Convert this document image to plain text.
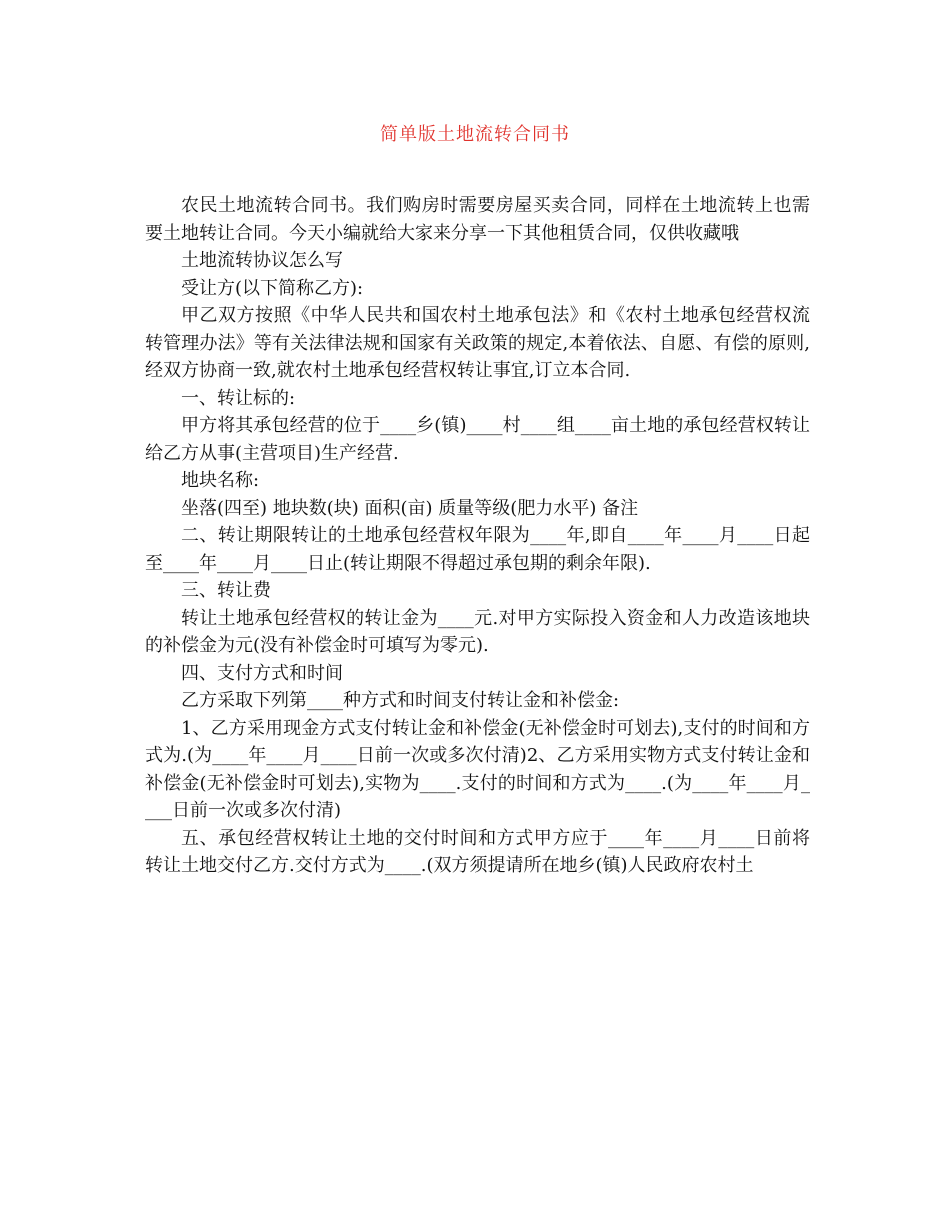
简单版土地流转合同书

农民土地流转合同书。我们购房时需要房屋买卖合同，同样在土地流转上也需要土地转让合同。今天小编就给大家来分享一下其他租赁合同，仅供收藏哦

土地流转协议怎么写

受让方(以下简称乙方):

甲乙双方按照《中华人民共和国农村土地承包法》和《农村土地承包经营权流转管理办法》等有关法律法规和国家有关政策的规定,本着依法、自愿、有偿的原则,经双方协商一致,就农村土地承包经营权转让事宜,订立本合同.

一、转让标的:

甲方将其承包经营的位于____乡(镇)____村____组____亩土地的承包经营权转让给乙方从事(主营项目)生产经营.

地块名称:

坐落(四至) 地块数(块) 面积(亩) 质量等级(肥力水平) 备注

二、转让期限转让的土地承包经营权年限为____年,即自____年____月____日起至____年____月____日止(转让期限不得超过承包期的剩余年限).

三、转让费

转让土地承包经营权的转让金为____元.对甲方实际投入资金和人力改造该地块的补偿金为元(没有补偿金时可填写为零元).

四、支付方式和时间

乙方采取下列第____种方式和时间支付转让金和补偿金:

1、乙方采用现金方式支付转让金和补偿金(无补偿金时可划去),支付的时间和方式为.(为____年____月____日前一次或多次付清)2、乙方采用实物方式支付转让金和补偿金(无补偿金时可划去),实物为____.支付的时间和方式为____.(为____年____月____日前一次或多次付清)

五、承包经营权转让土地的交付时间和方式甲方应于____年____月____日前将转让土地交付乙方.交付方式为____.(双方须提请所在地乡(镇)人民政府农村土
